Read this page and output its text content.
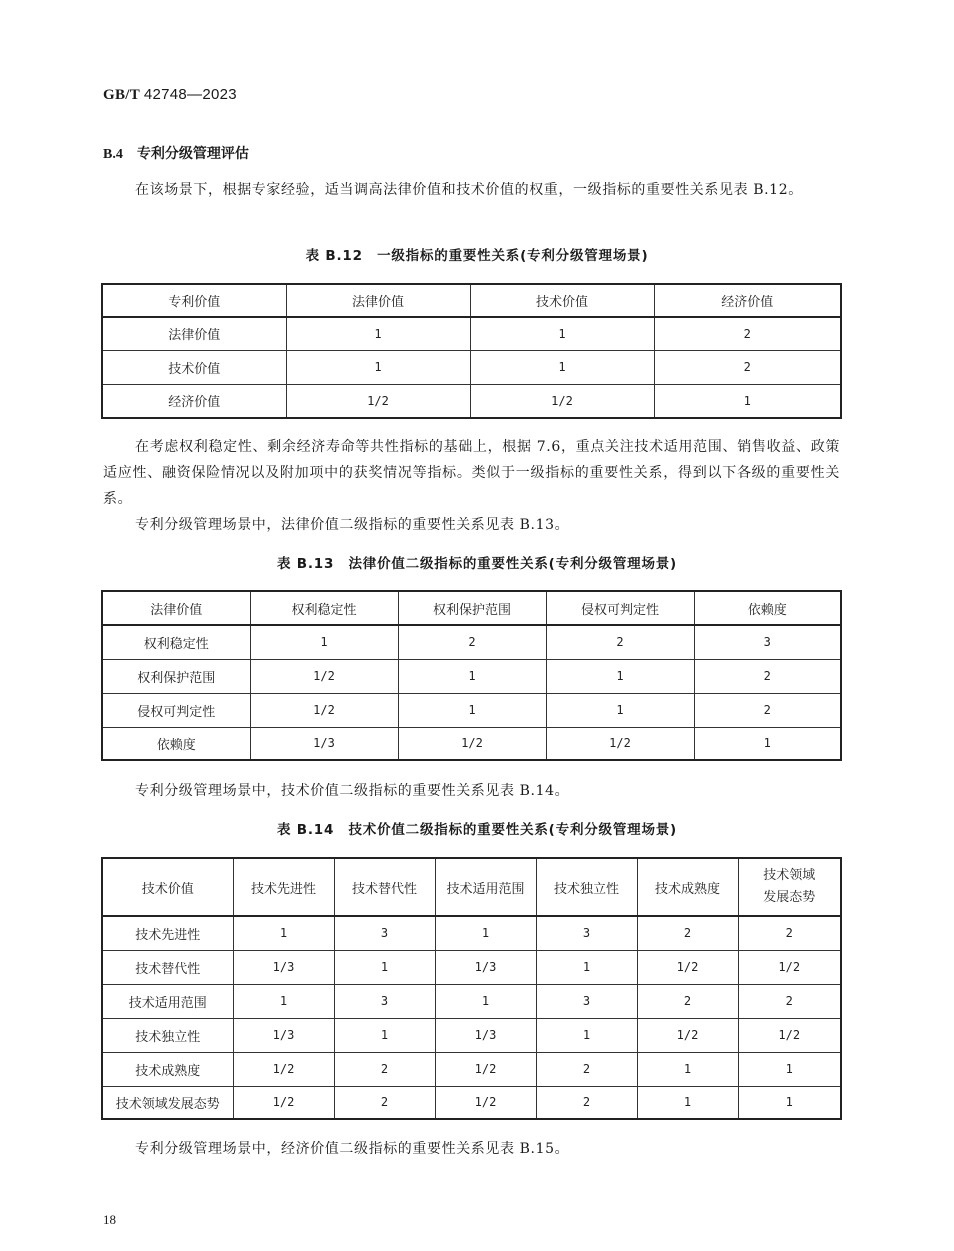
GB/T 42748—2023
B.4 专利分级管理评估
在该场景下，根据专家经验，适当调高法律价值和技术价值的权重，一级指标的重要性关系见表 B.12。
表 B.12　一级指标的重要性关系(专利分级管理场景)
专利价值	法律价值	技术价值	经济价值
法律价值	1	1	2
技术价值	1	1	2
经济价值	1/2	1/2	1
在考虑权利稳定性、剩余经济寿命等共性指标的基础上，根据 7.6，重点关注技术适用范围、销售收益、政策适应性、融资保险情况以及附加项中的获奖情况等指标。类似于一级指标的重要性关系，得到以下各级的重要性关系。
专利分级管理场景中，法律价值二级指标的重要性关系见表 B.13。
表 B.13　法律价值二级指标的重要性关系(专利分级管理场景)
法律价值	权利稳定性	权利保护范围	侵权可判定性	依赖度
权利稳定性	1	2	2	3
权利保护范围	1/2	1	1	2
侵权可判定性	1/2	1	1	2
依赖度	1/3	1/2	1/2	1
专利分级管理场景中，技术价值二级指标的重要性关系见表 B.14。
表 B.14　技术价值二级指标的重要性关系(专利分级管理场景)
技术价值	技术先进性	技术替代性	技术适用范围	技术独立性	技术成熟度	技术领域
发展态势

技术先进性	1	3	1	3	2	2
技术替代性	1/3	1	1/3	1	1/2	1/2
技术适用范围	1	3	1	3	2	2
技术独立性	1/3	1	1/3	1	1/2	1/2
技术成熟度	1/2	2	1/2	2	1	1
技术领域发展态势	1/2	2	1/2	2	1	1
专利分级管理场景中，经济价值二级指标的重要性关系见表 B.15。
18
